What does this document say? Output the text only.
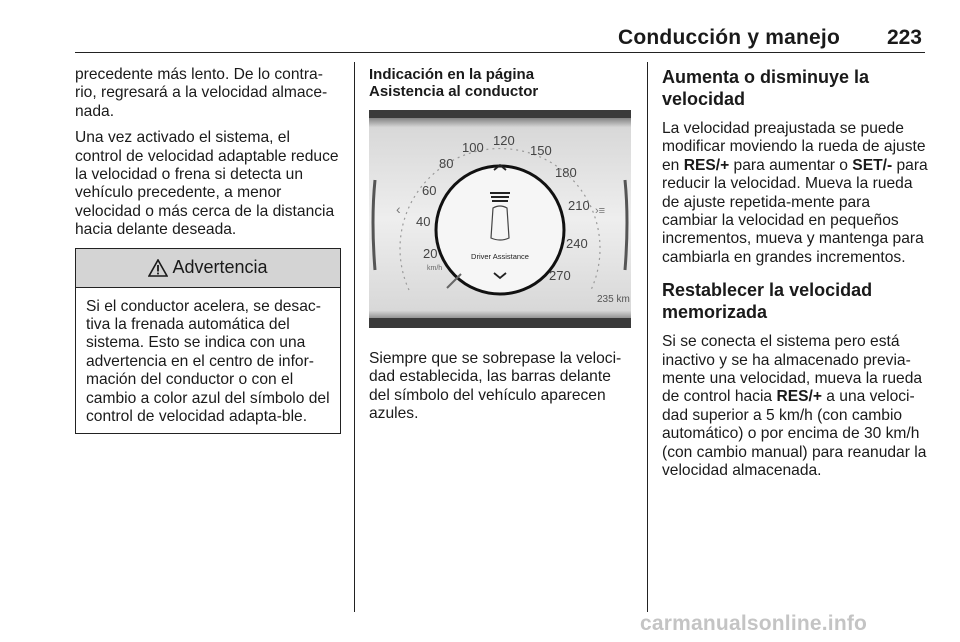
Conducción y manejo 223

precedente más lento. De lo contra-rio, regresará a la velocidad almace-nada.

Una vez activado el sistema, el control de velocidad adaptable reduce la velocidad o frena si detecta un vehículo precedente, a menor velocidad o más cerca de la distancia hacia delante deseada.

Advertencia

Si el conductor acelera, se desac-tiva la frenada automática del sistema. Esto se indica con una advertencia en el centro de infor-mación del conductor o con el cambio a color azul del símbolo del control de velocidad adapta-ble.

Indicación en la página
Asistencia al conductor
20
40
60
80
100 120
150
180
210
240
270
km/h
Driver Assistance
‹	›≡
235 km

Siempre que se sobrepase la veloci-dad establecida, las barras delante del símbolo del vehículo aparecen azules.

Aumenta o disminuye la velocidad

La velocidad preajustada se puede modificar moviendo la rueda de ajuste en RES/+ para aumentar o SET/- para reducir la velocidad. Mueva la rueda de ajuste repetida-mente para cambiar la velocidad en pequeños incrementos, mueva y mantenga para cambiarla en grandes incrementos.

Restablecer la velocidad memorizada

Si se conecta el sistema pero está inactivo y se ha almacenado previa-mente una velocidad, mueva la rueda de control hacia RES/+ a una veloci-dad superior a 5 km/h (con cambio automático) o por encima de 30 km/h (con cambio manual) para reanudar la velocidad almacenada.

carmanualsonline.info
